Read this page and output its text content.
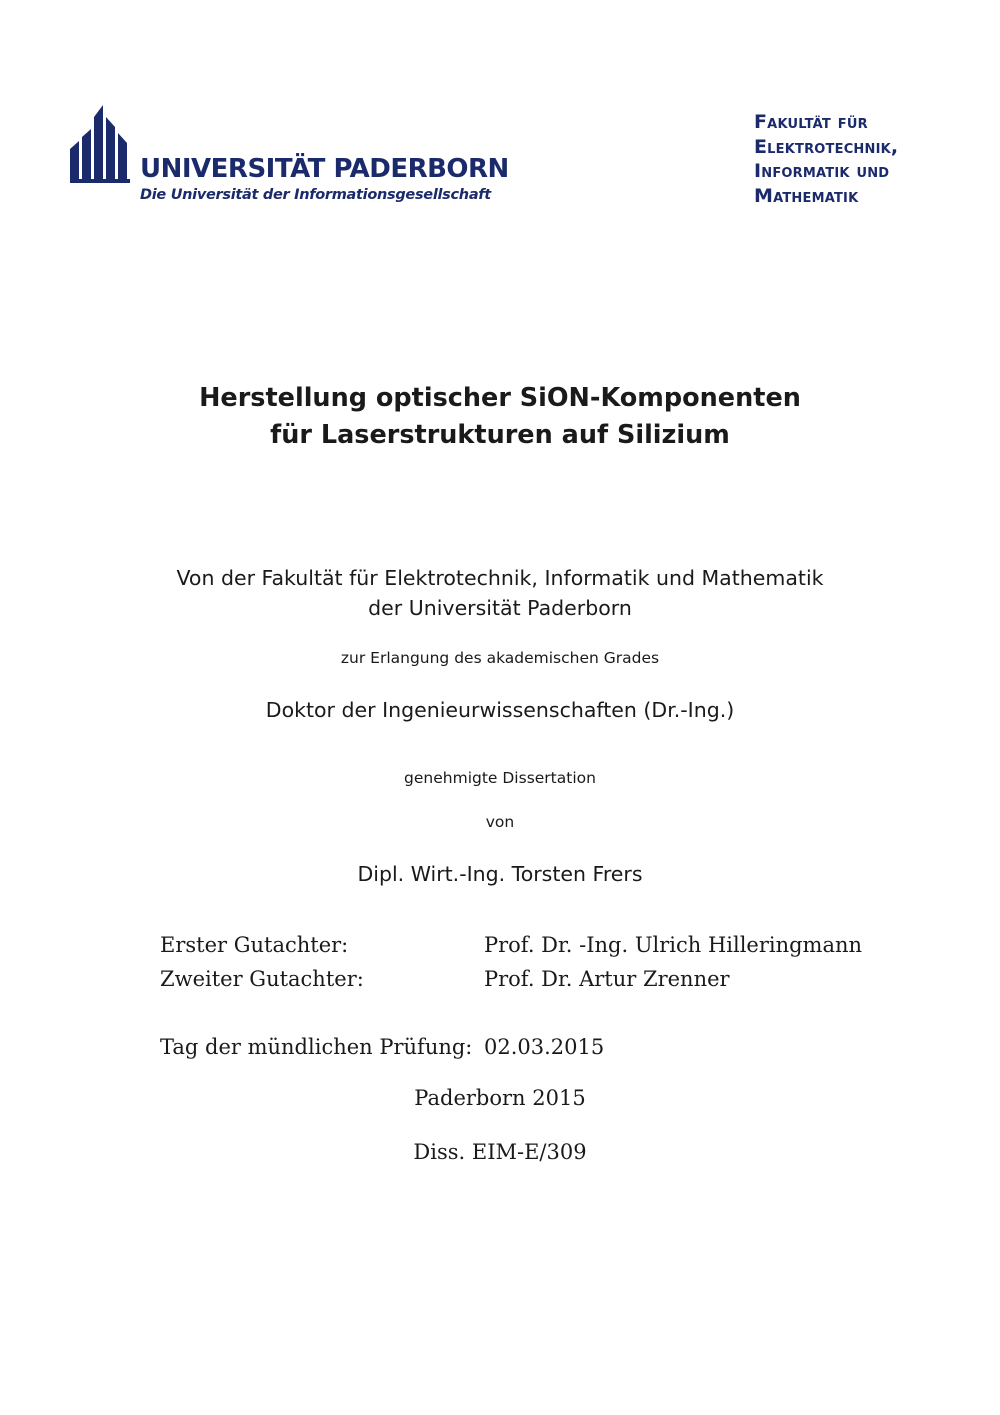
UNIVERSITÄT PADERBORN
Die Universität der Informationsgesellschaft
Fakultät für
Elektrotechnik,
Informatik und
Mathematik
Herstellung optischer SiON-Komponenten
für Laserstrukturen auf Silizium
Von der Fakultät für Elektrotechnik, Informatik und Mathematik
der Universität Paderborn
zur Erlangung des akademischen Grades
Doktor der Ingenieurwissenschaften (Dr.-Ing.)
genehmigte Dissertation
von
Dipl. Wirt.-Ing. Torsten Frers
Erster Gutachter:	Prof. Dr. -Ing. Ulrich Hilleringmann
Zweiter Gutachter:	Prof. Dr. Artur Zrenner
Tag der mündlichen Prüfung: 02.03.2015
Paderborn 2015
Diss. EIM-E/309
